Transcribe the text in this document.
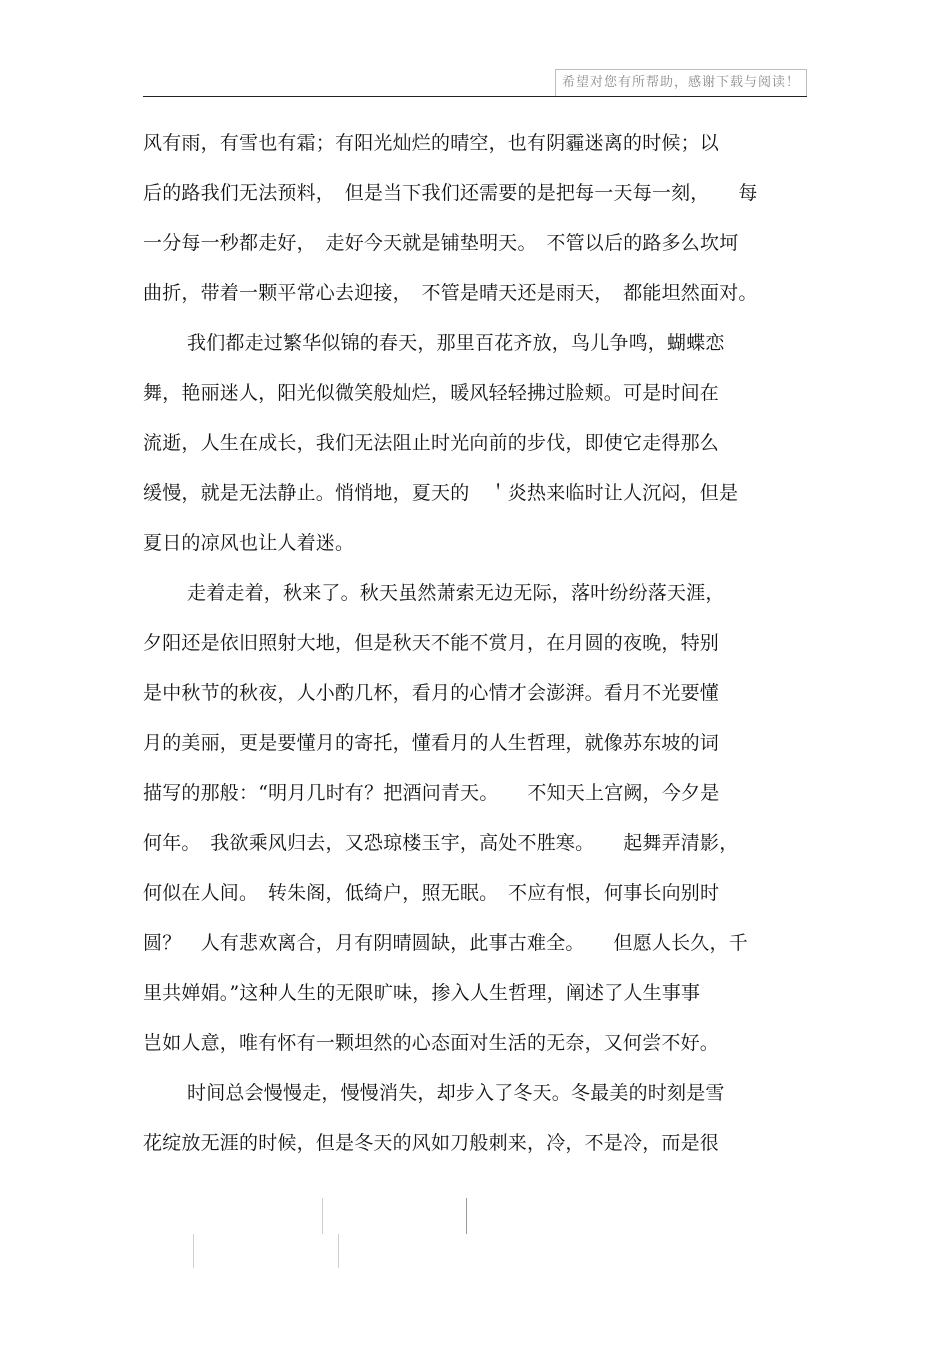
希望对您有所帮助，感谢下载与阅读！
风有雨，有雪也有霜；有阳光灿烂的晴空，也有阴霾迷离的时候；以
后的路我们无法预料，　但是当下我们还需要的是把每一天每一刻，　　每
一分每一秒都走好，　走好今天就是铺垫明天。　不管以后的路多么坎坷
曲折，带着一颗平常心去迎接，　不管是晴天还是雨天，　都能坦然面对。
我们都走过繁华似锦的春天，那里百花齐放，鸟儿争鸣，蝴蝶恋
舞，艳丽迷人，阳光似微笑般灿烂，暖风轻轻拂过脸颊。可是时间在
流逝，人生在成长，我们无法阻止时光向前的步伐，即使它走得那么
缓慢，就是无法静止。悄悄地，夏天的　＇炎热来临时让人沉闷，但是
夏日的凉风也让人着迷。
走着走着，秋来了。秋天虽然萧索无边无际，落叶纷纷落天涯，
夕阳还是依旧照射大地，但是秋天不能不赏月，在月圆的夜晚，特别
是中秋节的秋夜，人小酌几杯，看月的心情才会澎湃。看月不光要懂
月的美丽，更是要懂月的寄托，懂看月的人生哲理，就像苏东坡的词
描写的那般：“明月几时有？把酒问青天。　　不知天上宫阙，今夕是
何年。　我欲乘风归去，又恐琼楼玉宇，高处不胜寒。　　起舞弄清影，
何似在人间。　转朱阁，低绮户，照无眠。　不应有恨，何事长向别时
圆？　人有悲欢离合，月有阴晴圆缺，此事古难全。　　但愿人长久，千
里共婵娟。”这种人生的无限旷味，掺入人生哲理，阐述了人生事事
岂如人意，唯有怀有一颗坦然的心态面对生活的无奈，又何尝不好。
时间总会慢慢走，慢慢消失，却步入了冬天。冬最美的时刻是雪
花绽放无涯的时候，但是冬天的风如刀般刺来，冷，不是冷，而是很
